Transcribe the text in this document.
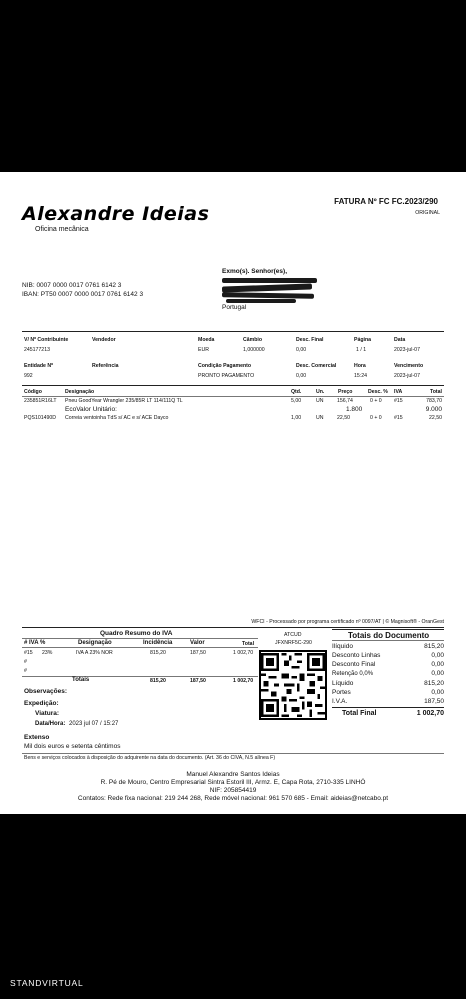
Alexandre Ideias
Oficina mecânica
FATURA Nº FC FC.2023/290
ORIGINAL
NIB: 0007 0000 0017 0761 6142 3
IBAN: PT50 0007 0000 0017 0761 6142 3
Exmo(s). Senhor(es),
Portugal
V/ Nº Contribuinte	Vendedor	Moeda	Câmbio	Desc. Final	Página	Data
245177213	EUR	1,000000	0,00	1 / 1	2023-jul-07
Entidade Nº	Referência	Condição Pagamento	Desc. Comercial	Hora	Vencimento
992	PRONTO PAGAMENTO	0,00	15:24	2023-jul-07
Código	Designação	Qtd.	Un.	Preço	Desc. % IVA	Total
235851R16LT Pneu GoodYear Wrangler 235/85R LT 114/111Q TL	5,00	UN	156,74	0 + 0 #15	783,70
EcoValor Unitário:	1.800	9.000
PQS101490D Correia ventoinha TdS s/ AC e s/ ACE Dayco	1,00	UN	22,50	0 + 0 #15	22,50
WFCI - Processado por programa certificado nº 0097/AT | © Magnisoft® - OranGest
Quadro Resumo do IVA
# IVA %	Designação	Incidência	Valor	Total
#15 23%	IVA A 23% NOR	815,20	187,50	1 002,70
#
#
Totais	815,20	187,50	1 002,70
ATCUD
JFXNRF5C-290
Totais do Documento
Ilíquido	815,20
Desconto Linhas	0,00
Desconto Final	0,00
Retenção 0,0%	0,00
Líquido	815,20
Portes	0,00
I.V.A.	187,50
Total Final	1 002,70
Observações:
Expedição:
Viatura:
Data/Hora: 2023 jul 07 / 15:27
Extenso
Mil dois euros e setenta cêntimos
Bens e serviços colocados à disposição do adquirente na data do documento. (Art. 36 do CIVA, N.5 alínea F)
Manuel Alexandre Santos Ideias
R. Pé de Mouro, Centro Empresarial Sintra Estoril III, Armz. E, Capa Rota, 2710-335 LINHÓ
NIF: 205854419
Contatos: Rede fixa nacional: 219 244 268, Rede móvel nacional: 961 570 685 - Email: aideias@netcabo.pt
STANDVIRTUAL
